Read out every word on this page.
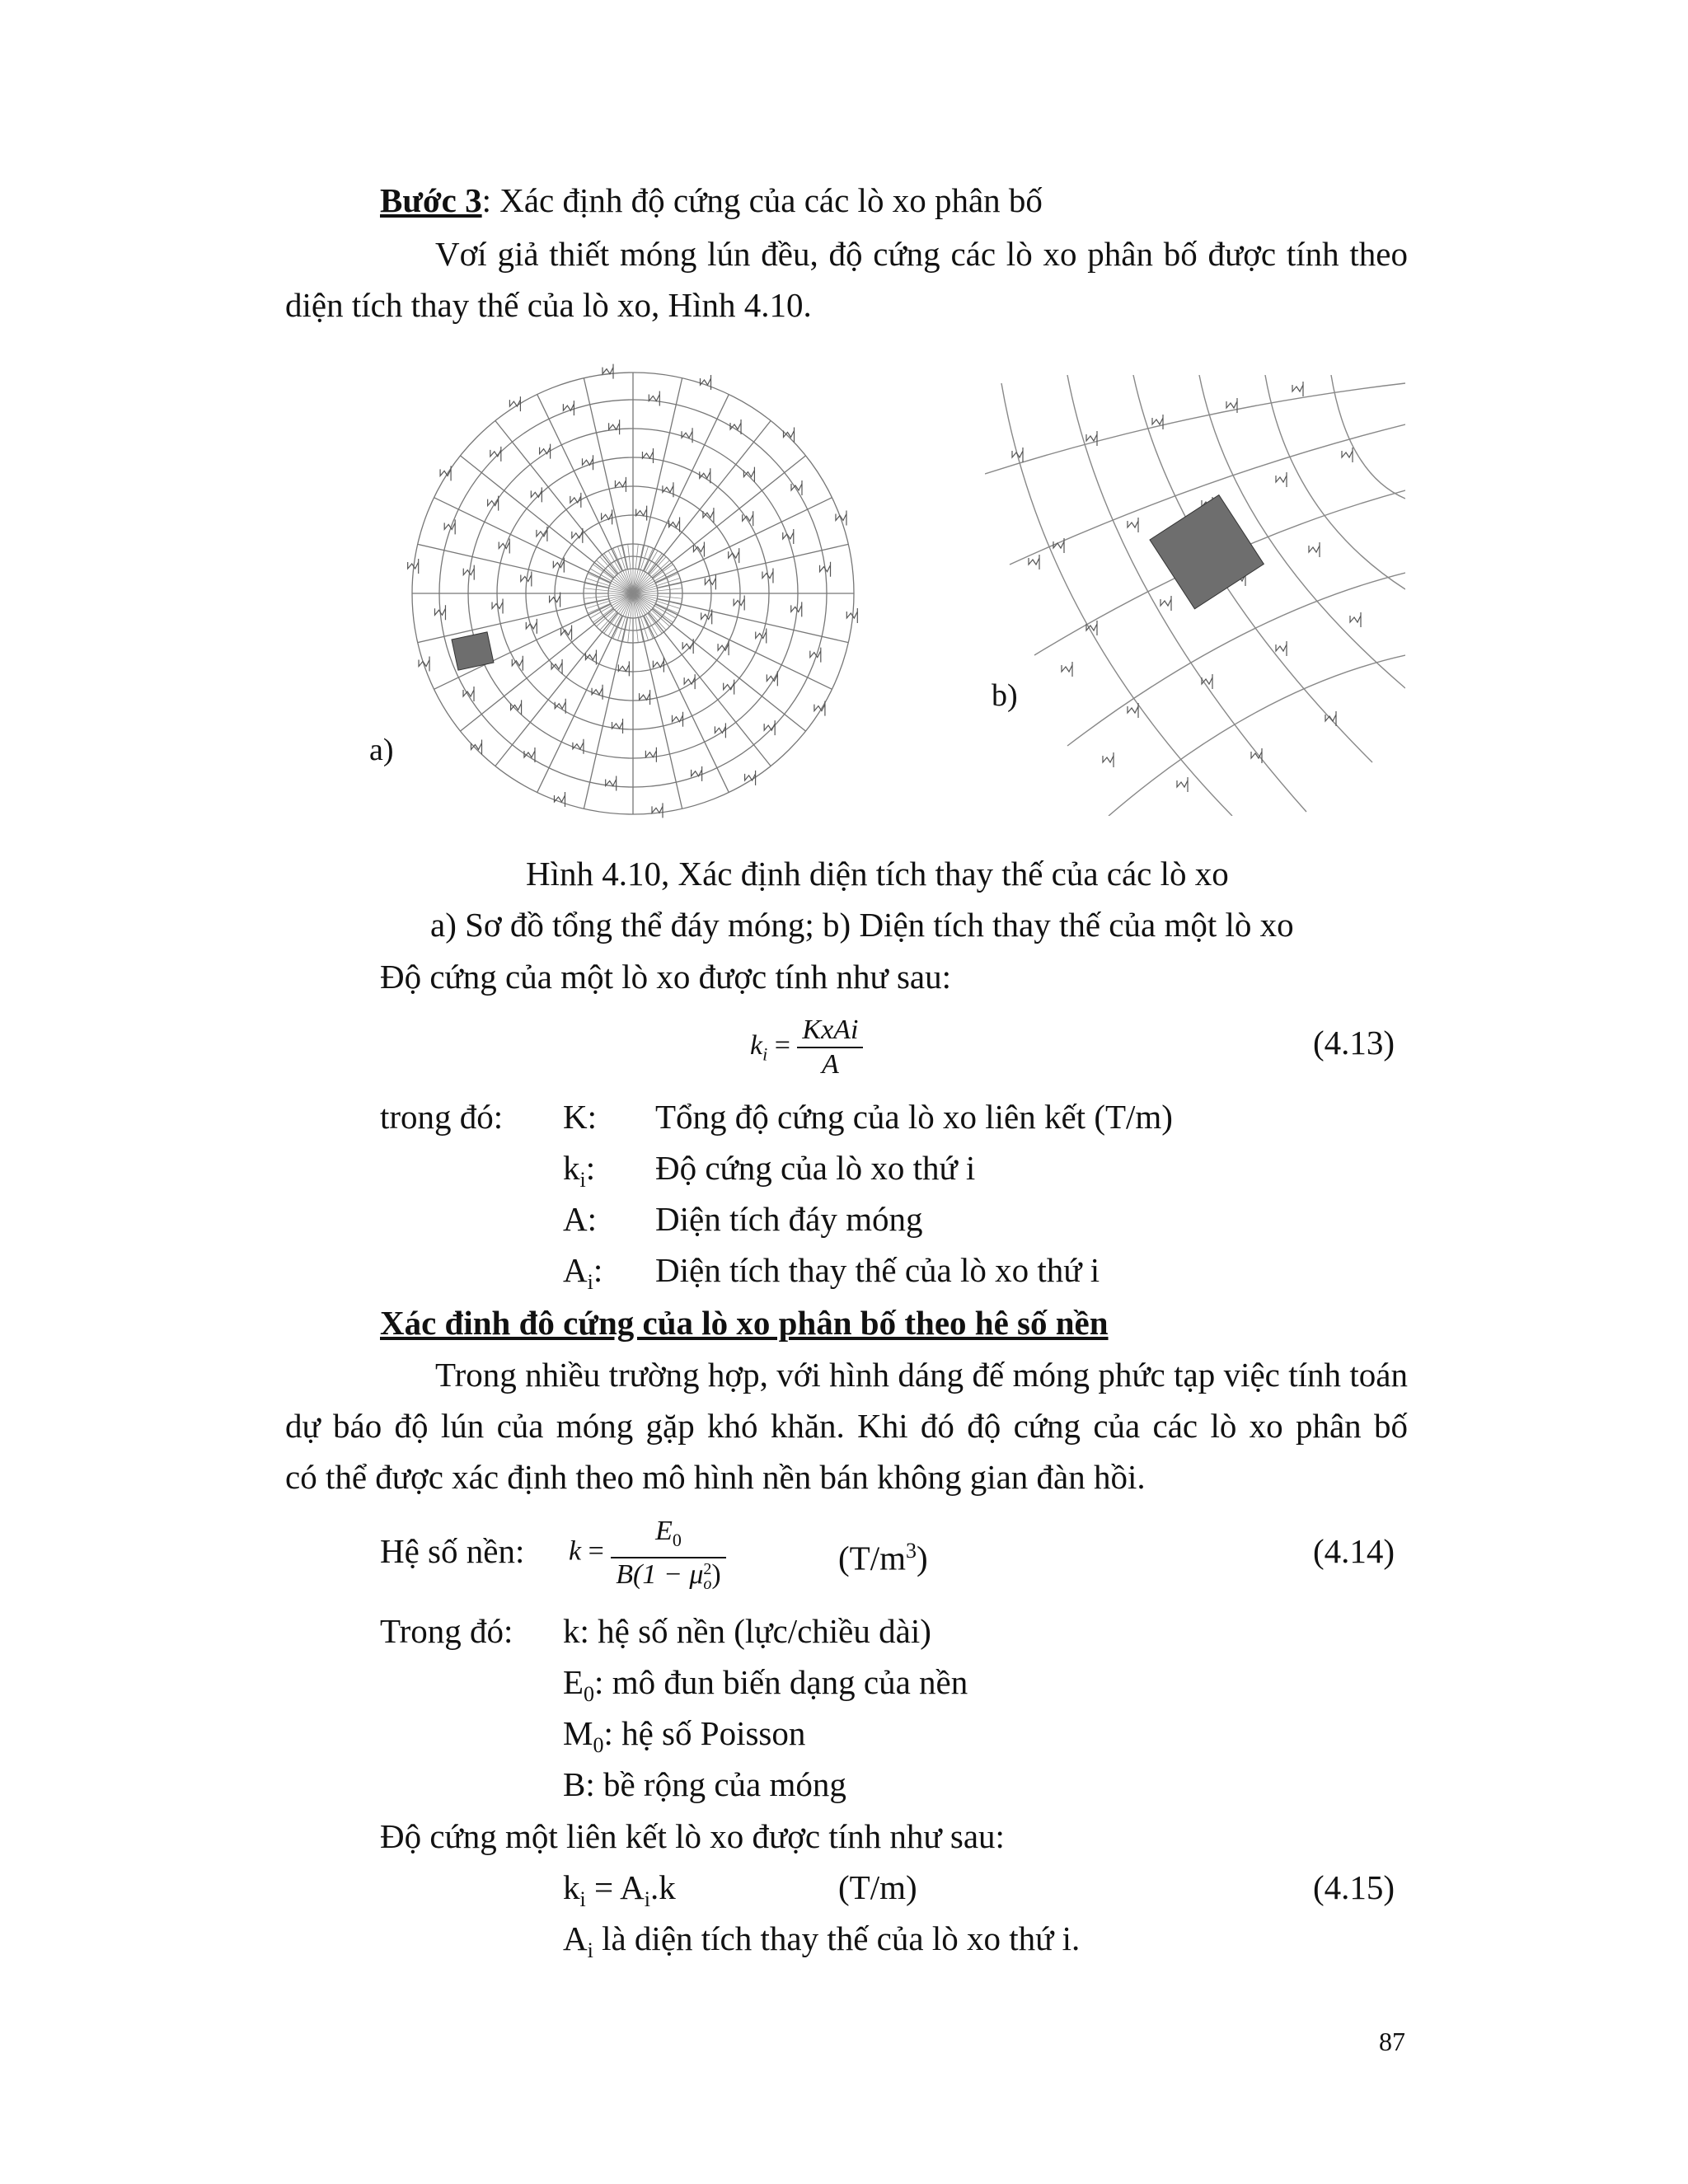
Bước 3: Xác định độ cứng của các lò xo phân bố
Vơí giả thiết móng lún đều, độ cứng các lò xo phân bố được tính theo
diện tích thay thế của lò xo, Hình 4.10.
a)
b)
Hình 4.10, Xác định diện tích thay thế của các lò xo
a) Sơ đồ tổng thể đáy móng; b) Diện tích thay thế của một lò xo
Độ cứng của một lò xo được tính như sau:
$k_i = \frac{\text{KxAi}}{A}$	(4.13)
trong đó: K: Tổng độ cứng của lò xo liên kết (T/m)
$k_i$: Độ cứng của lò xo thứ i
A: Diện tích đáy móng
$A_i$: Diện tích thay thế của lò xo thứ i
Xác đinh đô cứng của lò xo phân bố theo hê số nền
Trong nhiều trường hợp, với hình dáng đế móng phức tạp việc tính toán
dự báo độ lún của móng gặp khó khăn. Khi đó độ cứng của các lò xo phân bố
có thể được xác định theo mô hình nền bán không gian đàn hồi.
Hệ số nền: $k = E_0$
B(1 − μ 2
o )	$(T/m^3)$	(4.14)
Trong đó: k: hệ số nền (lực/chiều dài)
$E_0$: mô đun biến dạng của nền
$M_0$: hệ số Poisson
B: bề rộng của móng
Độ cứng một liên kết lò xo được tính như sau:
$k_i = A_i.k$	(T/m)	(4.15)
$A_i$ là diện tích thay thế của lò xo thứ i.
87
